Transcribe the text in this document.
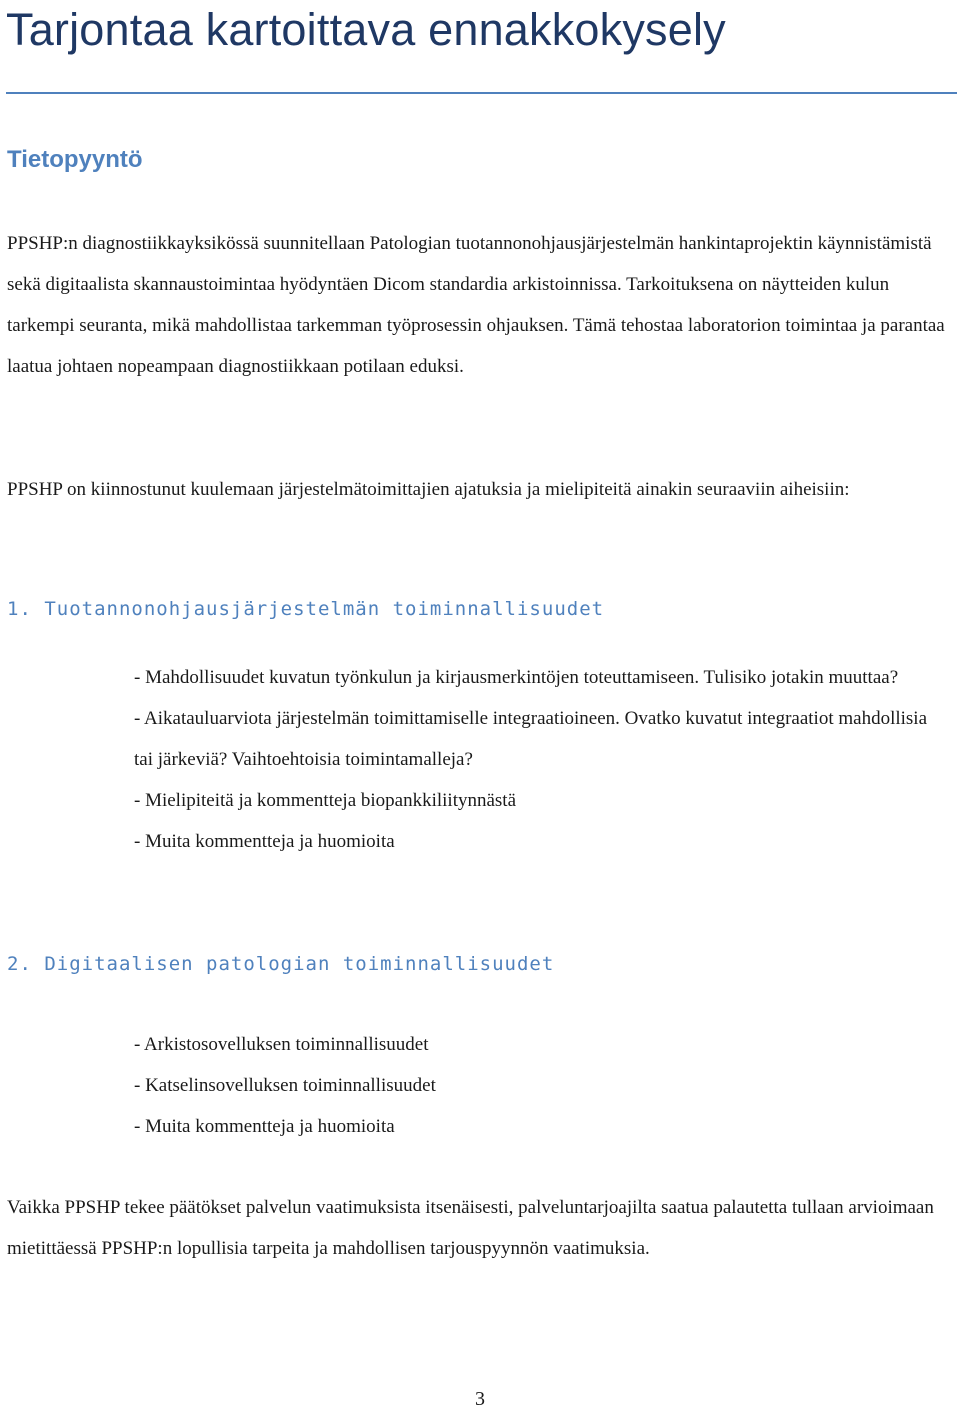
Tarjontaa kartoittava ennakkokysely
Tietopyyntö

PPSHP:n diagnostiikkayksikössä suunnitellaan Patologian tuotannonohjausjärjestelmän hankintaprojektin käynnistämistä sekä digitaalista skannaustoimintaa hyödyntäen Dicom standardia arkistoinnissa. Tarkoituksena on näytteiden kulun tarkempi seuranta, mikä mahdollistaa tarkemman työprosessin ohjauksen. Tämä tehostaa laboratorion toimintaa ja parantaa laatua johtaen nopeampaan diagnostiikkaan potilaan eduksi.

PPSHP on kiinnostunut kuulemaan järjestelmätoimittajien ajatuksia ja mielipiteitä ainakin seuraaviin aiheisiin:

1. Tuotannonohjausjärjestelmän toiminnallisuudet
- Mahdollisuudet kuvatun työnkulun ja kirjausmerkintöjen toteuttamiseen. Tulisiko jotakin muuttaa?
- Aikatauluarviota järjestelmän toimittamiselle integraatioineen. Ovatko kuvatut integraatiot mahdollisia tai järkeviä? Vaihtoehtoisia toimintamalleja?
- Mielipiteitä ja kommentteja biopankkiliitynnästä
- Muita kommentteja ja huomioita
2. Digitaalisen patologian toiminnallisuudet
- Arkistosovelluksen toiminnallisuudet
- Katselinsovelluksen toiminnallisuudet
- Muita kommentteja ja huomioita

Vaikka PPSHP tekee päätökset palvelun vaatimuksista itsenäisesti, palveluntarjoajilta saatua palautetta tullaan arvioimaan mietittäessä PPSHP:n lopullisia tarpeita ja mahdollisen tarjouspyynnön vaatimuksia.

3
